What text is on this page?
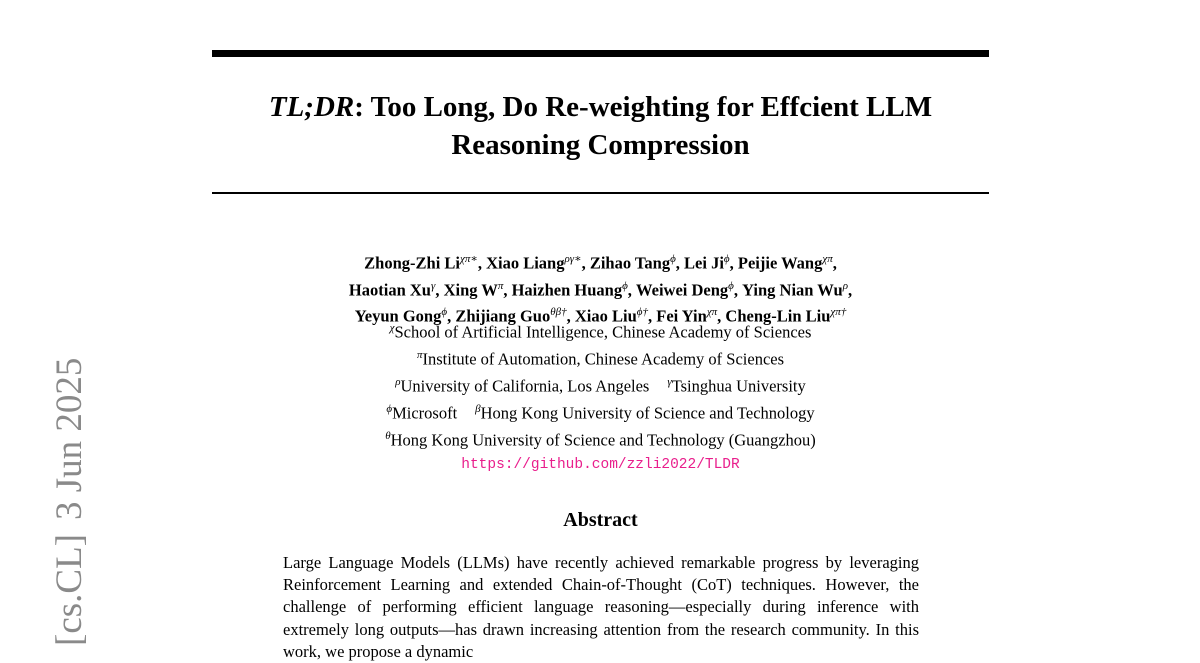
TL;DR: Too Long, Do Re-weighting for Effcient LLM
Reasoning Compression
Zhong-Zhi $Li^{\chi\pi∗}$, Xiao Liang$^{\rho\gamma∗}$, Zihao Tang$^\phi$, Lei $Ji^\phi$, Peijie Wang$^{\chi\pi}$,
Haotian $Xu^\gamma$, Xing $W^\pi$, Haizhen Huang$^\phi$, Weiwei Deng$^\phi$, Ying Nian $Wu^\rho$,
Yeyun Gong$^\phi$, Zhijiang Guo$^{\theta\beta\dagger}$, Xiao Liu$^{\phi\dagger}$, Fei Yin$^{\chi\pi}$, Cheng-Lin Liu$^{\chi\pi\dagger}$
$^\chi$School of Artificial Intelligence, Chinese Academy of Sciences
$^\pi$Institute of Automation, Chinese Academy of Sciences
$^\rho$University of California, Los Angeles $^\gamma$Tsinghua University
$^\phi$Microsoft $^\beta$Hong Kong University of Science and Technology
$^\theta$Hong Kong University of Science and Technology (Guangzhou)
https://github.com/zzli2022/TLDR
Abstract

Large Language Models (LLMs) have recently achieved remarkable progress by leveraging Reinforcement Learning and extended Chain-of-Thought (CoT) techniques. However, the challenge of performing efficient language reasoning—especially during inference with extremely long outputs—has drawn increasing attention from the research community. In this work, we propose a dynamic

[cs.CL]3 Jun 2025
